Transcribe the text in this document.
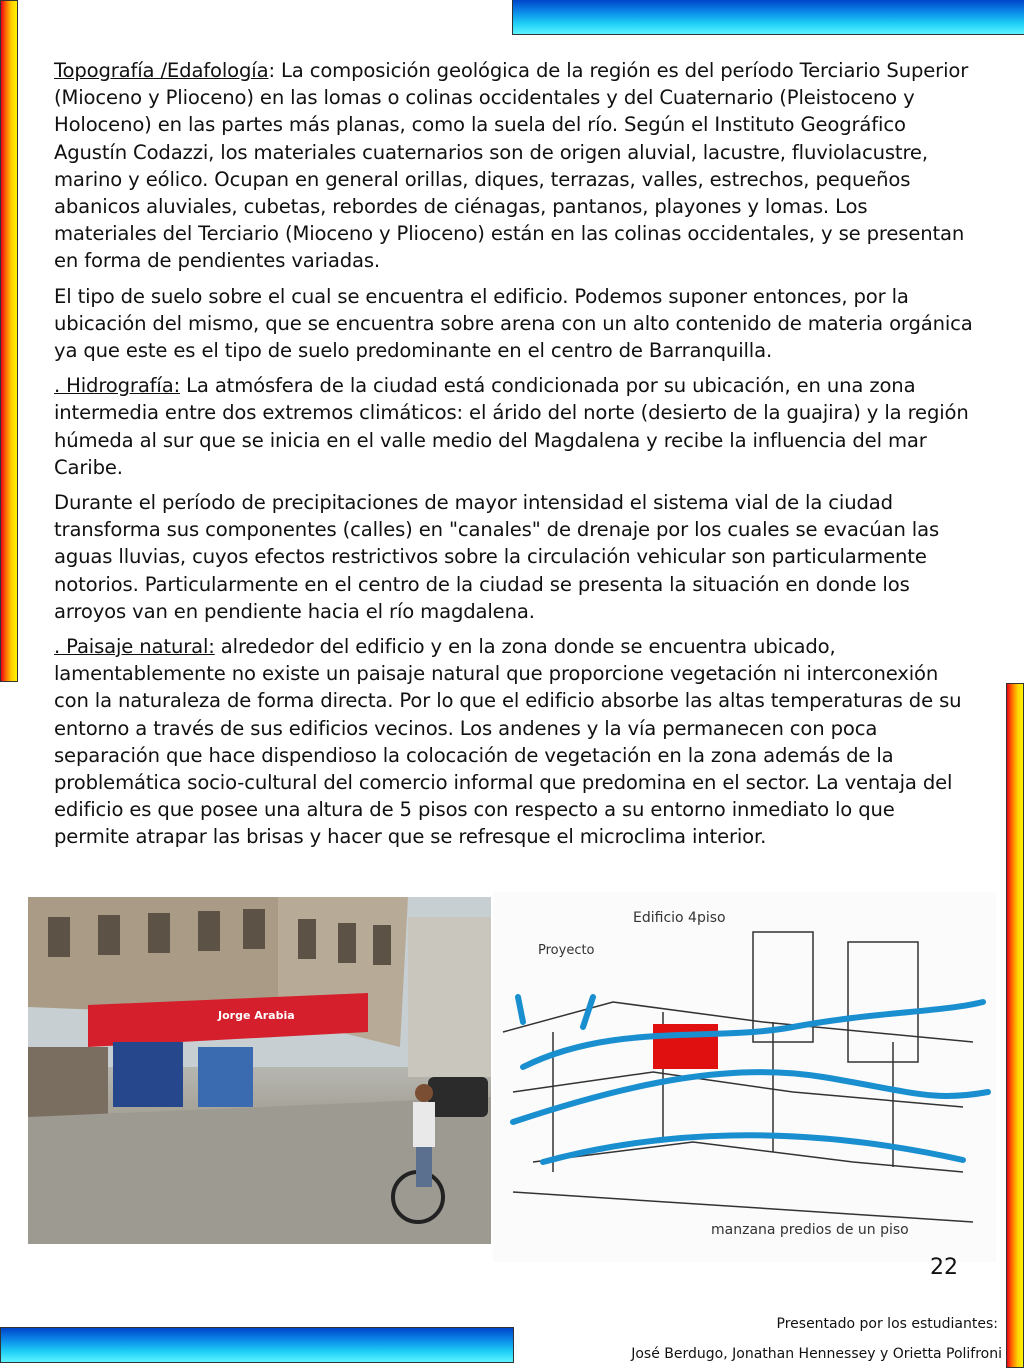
Topografía /Edafología: La composición geológica de la región es del período Terciario Superior (Mioceno y Plioceno) en las lomas o colinas occidentales y del Cuaternario (Pleistoceno y Holoceno) en las partes más planas, como la suela del río. Según el Instituto Geográfico Agustín Codazzi, los materiales cuaternarios son de origen aluvial, lacustre, fluviolacustre, marino y eólico. Ocupan en general orillas, diques, terrazas, valles, estrechos, pequeños abanicos aluviales, cubetas, rebordes de ciénagas, pantanos, playones y lomas. Los materiales del Terciario (Mioceno y Plioceno) están en las colinas occidentales, y se presentan en forma de pendientes variadas.

El tipo de suelo sobre el cual se encuentra el edificio. Podemos suponer entonces, por la ubicación del mismo, que se encuentra sobre arena con un alto contenido de materia orgánica ya que este es el tipo de suelo predominante en el centro de Barranquilla.

. Hidrografía: La atmósfera de la ciudad está condicionada por su ubicación, en una zona intermedia entre dos extremos climáticos: el árido del norte (desierto de la guajira) y la región húmeda al sur que se inicia en el valle medio del Magdalena y recibe la influencia del mar Caribe.

Durante el período de precipitaciones de mayor intensidad el sistema vial de la ciudad transforma sus componentes (calles) en "canales" de drenaje por los cuales se evacúan las aguas lluvias, cuyos efectos restrictivos sobre la circulación vehicular son particularmente notorios. Particularmente en el centro de la ciudad se presenta la situación en donde los arroyos van en pendiente hacia el río magdalena.

. Paisaje natural: alrededor del edificio y en la zona donde se encuentra ubicado, lamentablemente no existe un paisaje natural que proporcione vegetación ni interconexión con la naturaleza de forma directa. Por lo que el edificio absorbe las altas temperaturas de su entorno a través de sus edificios vecinos. Los andenes y la vía permanecen con poca separación que hace dispendioso la colocación de vegetación en la zona además de la problemática socio-cultural del comercio informal que predomina en el sector. La ventaja del edificio es que posee una altura de 5 pisos con respecto a su entorno inmediato lo que permite atrapar las brisas y hacer que se refresque el microclima interior.

Jorge Arabia
Edificio 4piso
Proyecto
manzana predios de un piso
22
Presentado por los estudiantes:
José Berdugo, Jonathan Hennessey y Orietta Polifroni
